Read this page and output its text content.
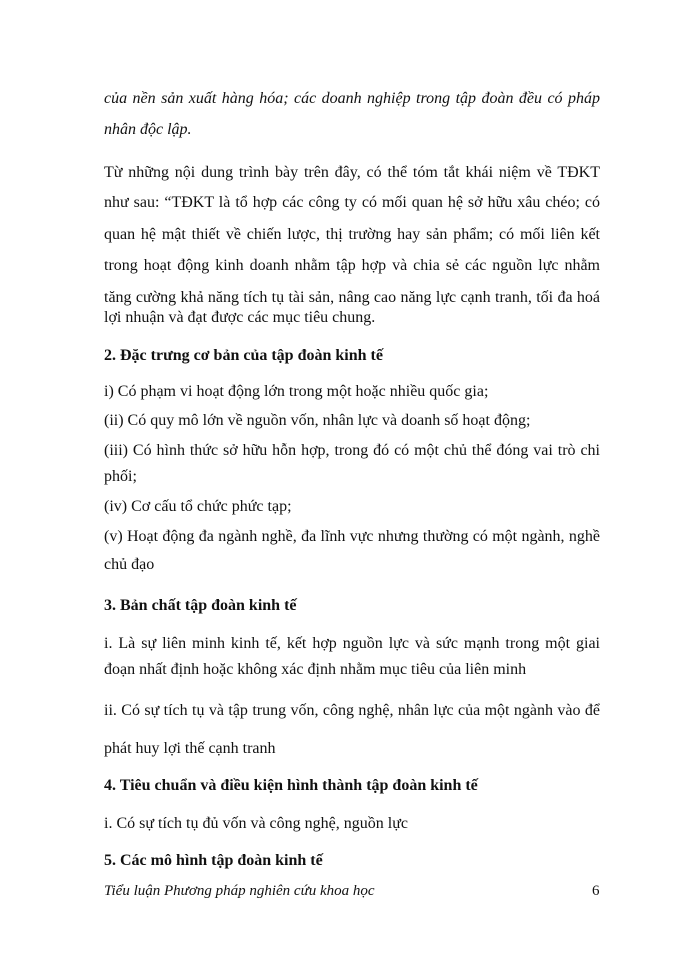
của nền sản xuất hàng hóa; các doanh nghiệp trong tập đoàn đều có pháp
nhân độc lập.
Từ những nội dung trình bày trên đây, có thể tóm tắt khái niệm về TĐKT
như sau: “TĐKT là tổ hợp các công ty có mối quan hệ sở hữu xâu chéo; có
quan hệ mật thiết về chiến lược, thị trường hay sản phẩm; có mối liên kết
trong hoạt động kinh doanh nhằm tập hợp và chia sẻ các nguồn lực nhằm
tăng cường khả năng tích tụ tài sản, nâng cao năng lực cạnh tranh, tối đa hoá
lợi nhuận và đạt được các mục tiêu chung.
2. Đặc trưng cơ bản của tập đoàn kinh tế
i) Có phạm vi hoạt động lớn trong một hoặc nhiều quốc gia;
(ii) Có quy mô lớn về nguồn vốn, nhân lực và doanh số hoạt động;
(iii) Có hình thức sở hữu hỗn hợp, trong đó có một chủ thể đóng vai trò chi
phối;
(iv) Cơ cấu tổ chức phức tạp;
(v) Hoạt động đa ngành nghề, đa lĩnh vực nhưng thường có một ngành, nghề
chủ đạo
3. Bản chất tập đoàn kinh tế
i. Là sự liên minh kinh tế, kết hợp nguồn lực và sức mạnh trong một giai
đoạn nhất định hoặc không xác định nhằm mục tiêu của liên minh
ii. Có sự tích tụ và tập trung vốn, công nghệ, nhân lực của một ngành vào để
phát huy lợi thế cạnh tranh
4. Tiêu chuẩn và điều kiện hình thành tập đoàn kinh tế
i. Có sự tích tụ đủ vốn và công nghệ, nguồn lực
5. Các mô hình tập đoàn kinh tế
Tiểu luận Phương pháp nghiên cứu khoa học	6
